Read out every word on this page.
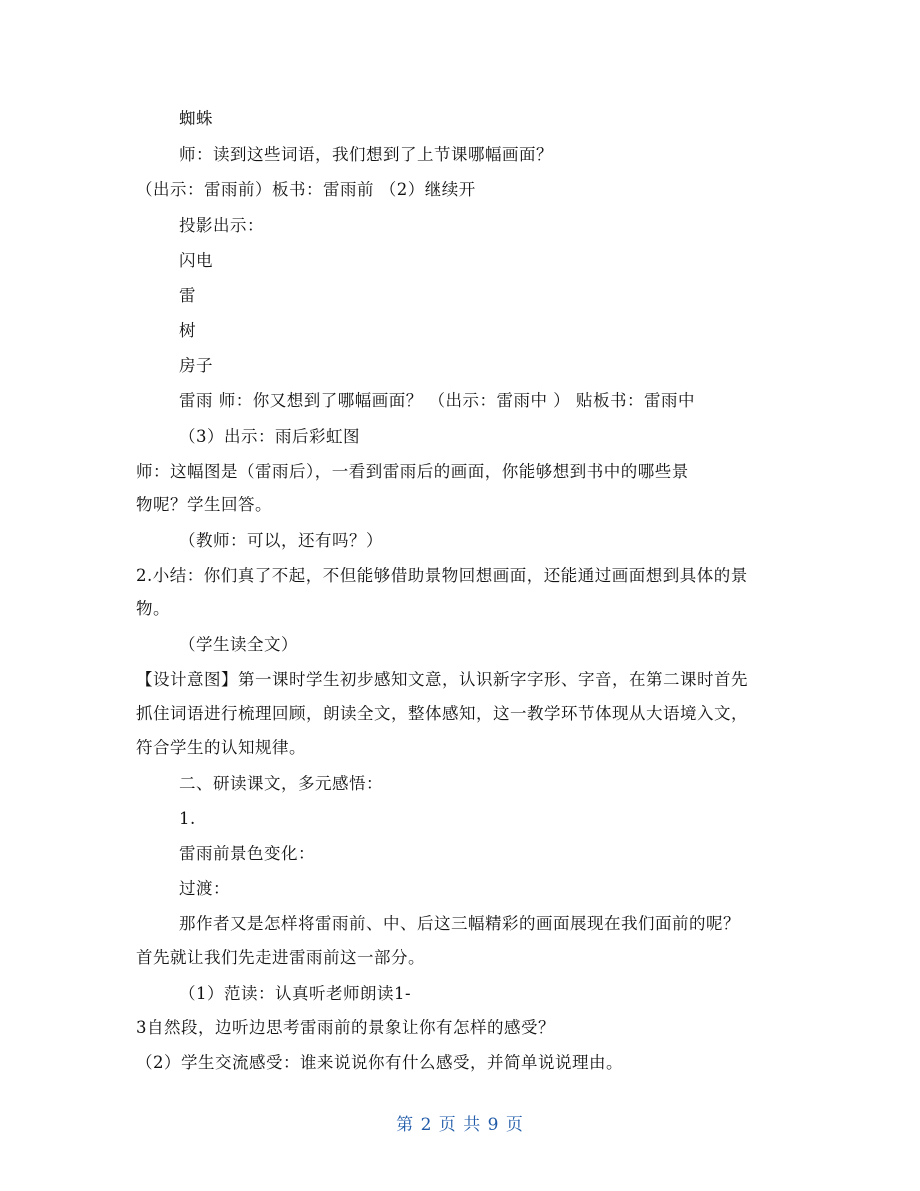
蜘蛛
师：读到这些词语，我们想到了上节课哪幅画面？
（出示：雷雨前）板书：雷雨前 （2）继续开
投影出示：
闪电
雷
树
房子
雷雨 师：你又想到了哪幅画面？ （出示：雷雨中 ） 贴板书：雷雨中
（3）出示：雨后彩虹图
师：这幅图是（雷雨后），一看到雷雨后的画面，你能够想到书中的哪些景
物呢？学生回答。
（教师：可以，还有吗？）
2.小结：你们真了不起，不但能够借助景物回想画面，还能通过画面想到具体的景
物。
（学生读全文）
【设计意图】第一课时学生初步感知文意，认识新字字形、字音，在第二课时首先
抓住词语进行梳理回顾，朗读全文，整体感知，这一教学环节体现从大语境入文，
符合学生的认知规律。
二、研读课文，多元感悟：
1.
雷雨前景色变化：
过渡：
那作者又是怎样将雷雨前、中、后这三幅精彩的画面展现在我们面前的呢？
首先就让我们先走进雷雨前这一部分。
（1）范读：认真听老师朗读1-
3自然段，边听边思考雷雨前的景象让你有怎样的感受？
（2）学生交流感受：谁来说说你有什么感受，并简单说说理由。
第 2 页 共 9 页
